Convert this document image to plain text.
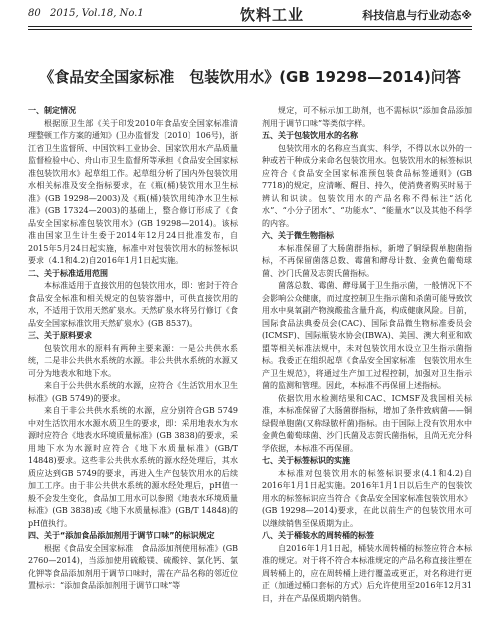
80 2015, Vol.18, No.1	饮料工业	科技信息与行业动态※
《食品安全国家标准　包装饮用水》(GB 19298—2014)问答

一、制定情况

根据原卫生部《关于印发2010年食品安全国家标准清理整顿工作方案的通知》(卫办监督发〔2010〕106号)，浙江省卫生监督所、中国饮料工业协会、国家饮用水产品质量监督检验中心、舟山市卫生监督所等承担《食品安全国家标准包装饮用水》起草组工作。起草组分析了国内外包装饮用水相关标准及安全指标要求，在《瓶(桶)装饮用水卫生标准》(GB 19298—2003)及《瓶(桶)装饮用纯净水卫生标准》(GB 17324—2003)的基础上，整合修订形成了《食品安全国家标准包装饮用水》(GB 19298—2014)。该标准由国家卫生计生委于2014年12月24日批准发布，自2015年5月24日起实施，标准中对包装饮用水的标签标识要求（4.1和4.2)自2016年1月1日起实施。

二、关于标准适用范围

本标准适用于直接饮用的包装饮用水，即：密封于符合食品安全标准和相关规定的包装容器中，可供直接饮用的水，不适用于饮用天然矿泉水。天然矿泉水将另行修订《食品安全国家标准饮用天然矿泉水》(GB 8537)。

三、关于原料要求

包装饮用水的原料有两种主要来源：一是公共供水系统，二是非公共供水系统的水源。非公共供水系统的水源又可分为地表水和地下水。

来自于公共供水系统的水源，应符合《生活饮用水卫生标准》(GB 5749)的要求。

来自于非公共供水系统的水源，应分别符合GB 5749中对生活饮用水水源水质卫生的要求，即：采用地表水为水源时应符合《地表水环境质量标准》(GB 3838)的要求，采用地下水为水源时应符合《地下水质量标准》(GB/T 14848)要求。这些非公共供水系统的源水经处理后，其水质应达到GB 5749的要求，再进入生产包装饮用水的后续加工工序。由于非公共供水系统的源水经处理后，pH值一般不会发生变化，食品加工用水可以参照《地表水环境质量标准》(GB 3838)或《地下水质量标准》(GB/T 14848)的pH值执行。

四、关于“添加食品添加剂用于调节口味”的标识规定

根据《食品安全国家标准　食品添加剂使用标准》(GB 2760—2014)，当添加使用硫酸镁、硫酸锌、氯化钙、氯化钾等食品添加剂用于调节口味时，需在产品名称的邻近位置标示：“添加食品添加剂用于调节口味”等

规定，可不标示加工助剂，也不需标识“添加食品添加剂用于调节口味”等类似字样。

五、关于包装饮用水的名称

包装饮用水的名称应当真实、科学，不得以水以外的一种或若干种成分来命名包装饮用水。包装饮用水的标签标识应符合《食品安全国家标准预包装食品标签通则》(GB 7718)的规定，应清晰、醒目、持久，使消费者购买时易于辨认和识读。包装饮用水的产品名称不得标注“活化水”、“小分子团水”、“功能水”、“能量水”以及其他不科学的内容。

六、关于微生物指标

本标准保留了大肠菌群指标，新增了铜绿假单胞菌指标，不再保留菌落总数、霉菌和酵母计数、金黄色葡萄球菌、沙门氏菌及志贺氏菌指标。

菌落总数、霉菌、酵母属于卫生指示菌，一般情况下不会影响公众健康，而过度控制卫生指示菌和杀菌可能导致饮用水中臭氧副产物溴酸盐含量升高，构成健康风险。目前，国际食品法典委员会(CAC)、国际食品微生物标准委员会(ICMSF)、国际瓶装水协会(IBWA)、美国、澳大利亚和欧盟等相关标准法规中，未对包装饮用水设立卫生指示菌指标。我委正在组织起草《食品安全国家标准　包装饮用水生产卫生规范》，将通过生产加工过程控制，加强对卫生指示菌的监测和管理。因此，本标准不再保留上述指标。

依据饮用水检测结果和CAC、ICMSF及我国相关标准，本标准保留了大肠菌群指标，增加了条件致病菌——铜绿假单胞菌(又称绿脓杆菌)指标。由于国际上没有饮用水中金黄色葡萄球菌、沙门氏菌及志贺氏菌指标，且尚无充分科学依据，本标准不再保留。

七、关于标签标识的实施

本标准对包装饮用水的标签标识要求(4.1和4.2)自2016年1月1日起实施。2016年1月1日以后生产的包装饮用水的标签标识应当符合《食品安全国家标准包装饮用水》(GB 19298—2014)要求，在此以前生产的包装饮用水可以继续销售至保质期为止。

八、关于桶装水的周转桶的标签

自2016年1月1日起，桶装水周转桶的标签应符合本标准的规定。对于将不符合本标准规定的产品名称直接注塑在周转桶上的，应在周转桶上进行覆盖或更正，对名称进行更正（加通过桶口套标的方式）后允许使用至2016年12月31日，并在产品保质期内销售。
